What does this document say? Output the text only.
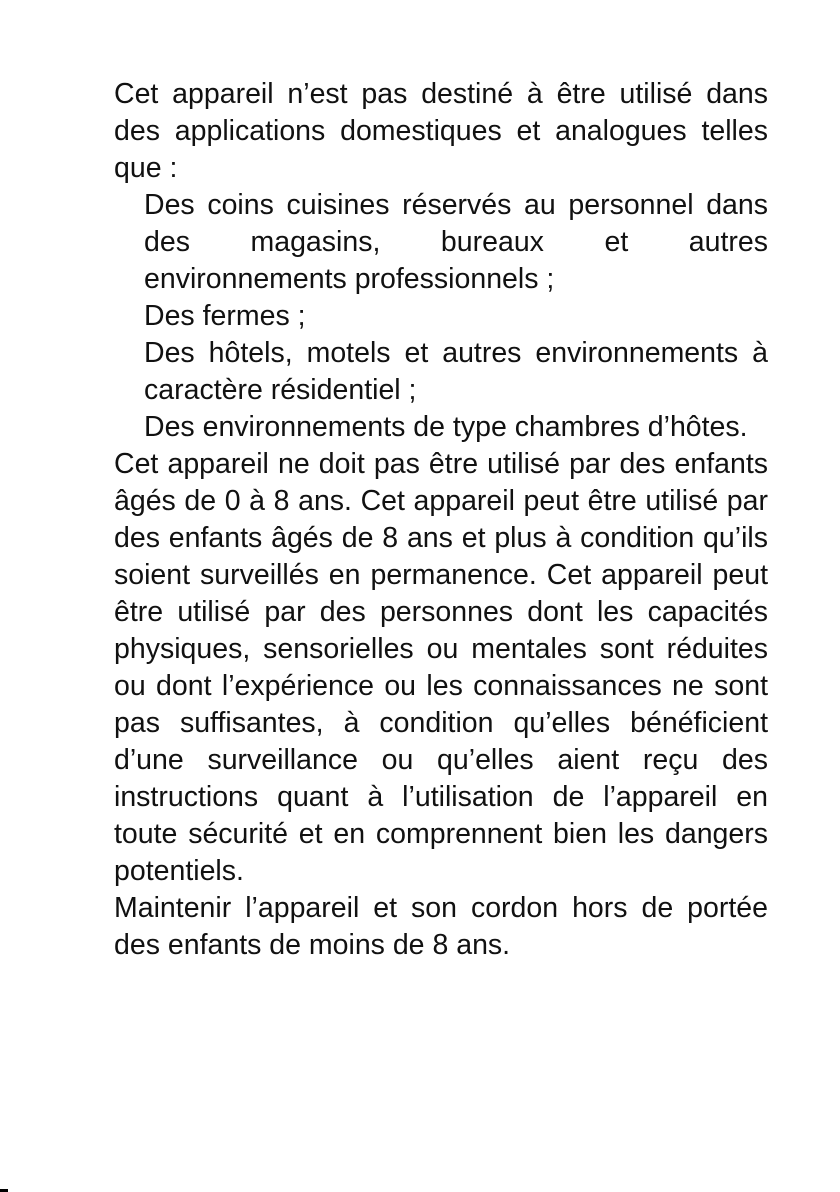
Cet appareil n’est pas destiné à être utilisé dans des applications domestiques et analogues telles que :

Des coins cuisines réservés au personnel dans des magasins, bureaux et autres environnements professionnels ;
Des fermes ;
Des hôtels, motels et autres environnements à caractère résidentiel ;
Des environnements de type chambres d’hôtes.

Cet appareil ne doit pas être utilisé par des enfants âgés de 0 à 8 ans. Cet appareil peut être utilisé par des enfants âgés de 8 ans et plus à condition qu’ils soient surveillés en permanence. Cet appareil peut être utilisé par des personnes dont les capacités physiques, sensorielles ou mentales sont réduites ou dont l’expérience ou les connaissances ne sont pas suffisantes, à condition qu’elles bénéficient d’une surveillance ou qu’elles aient reçu des instructions quant à l’utilisation de l’appareil en toute sécurité et en comprennent bien les dangers potentiels.

Maintenir l’appareil et son cordon hors de portée des enfants de moins de 8 ans.
